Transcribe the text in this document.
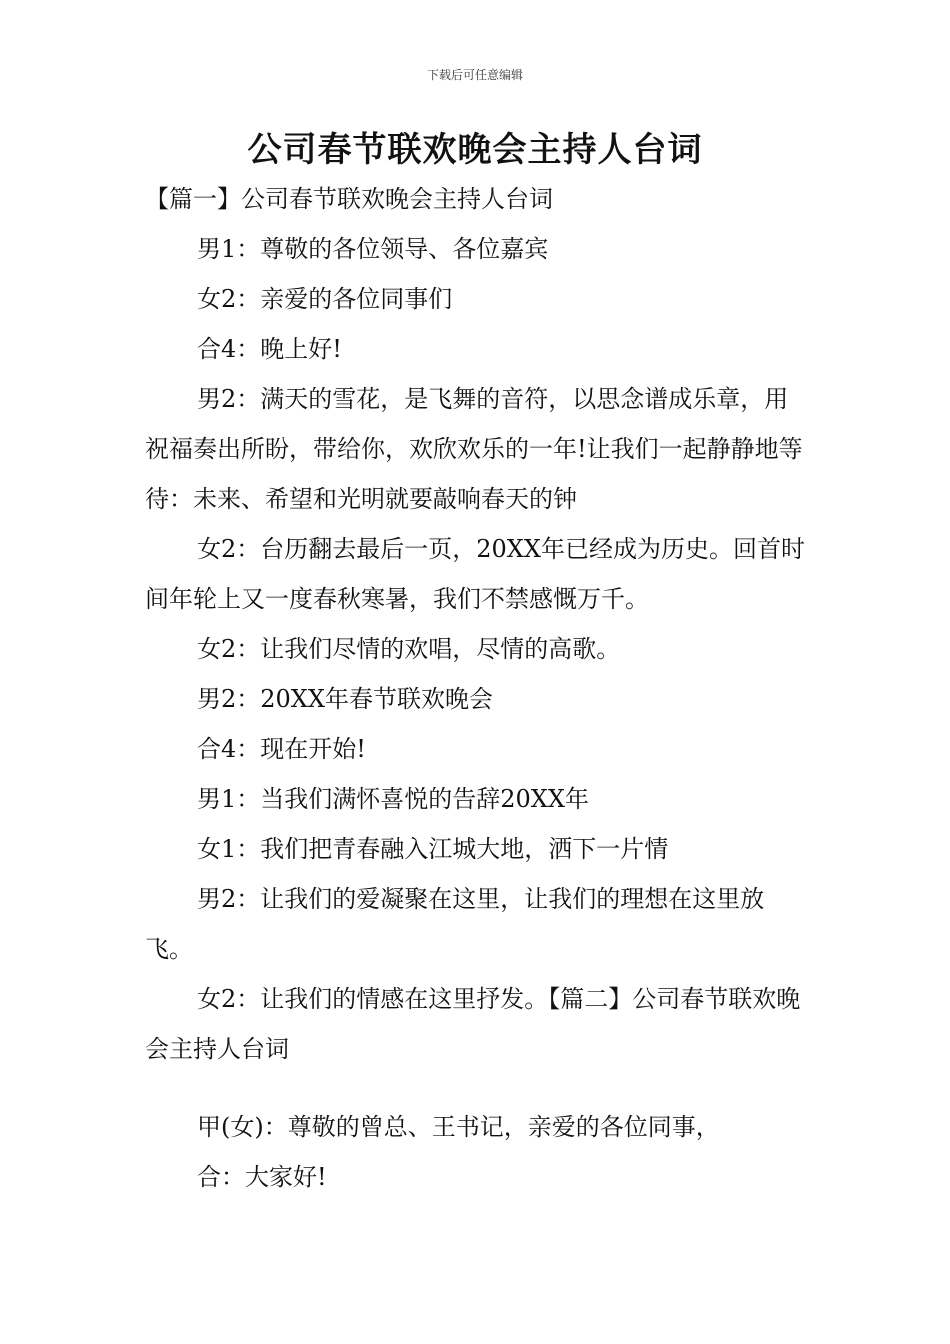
下载后可任意编辑
公司春节联欢晚会主持人台词

【篇一】公司春节联欢晚会主持人台词

男1：尊敬的各位领导、各位嘉宾

女2：亲爱的各位同事们

合4：晚上好!

男2：满天的雪花，是飞舞的音符，以思念谱成乐章，用祝福奏出所盼，带给你，欢欣欢乐的一年!让我们一起静静地等待：未来、希望和光明就要敲响春天的钟

女2：台历翻去最后一页，20XX年已经成为历史。回首时间年轮上又一度春秋寒暑，我们不禁感慨万千。

女2：让我们尽情的欢唱，尽情的高歌。

男2：20XX年春节联欢晚会

合4：现在开始!

男1：当我们满怀喜悦的告辞20XX年

女1：我们把青春融入江城大地，洒下一片情

男2：让我们的爱凝聚在这里，让我们的理想在这里放飞。

女2：让我们的情感在这里抒发。【篇二】公司春节联欢晚会主持人台词

甲(女)：尊敬的曾总、王书记，亲爱的各位同事，

合：大家好!
